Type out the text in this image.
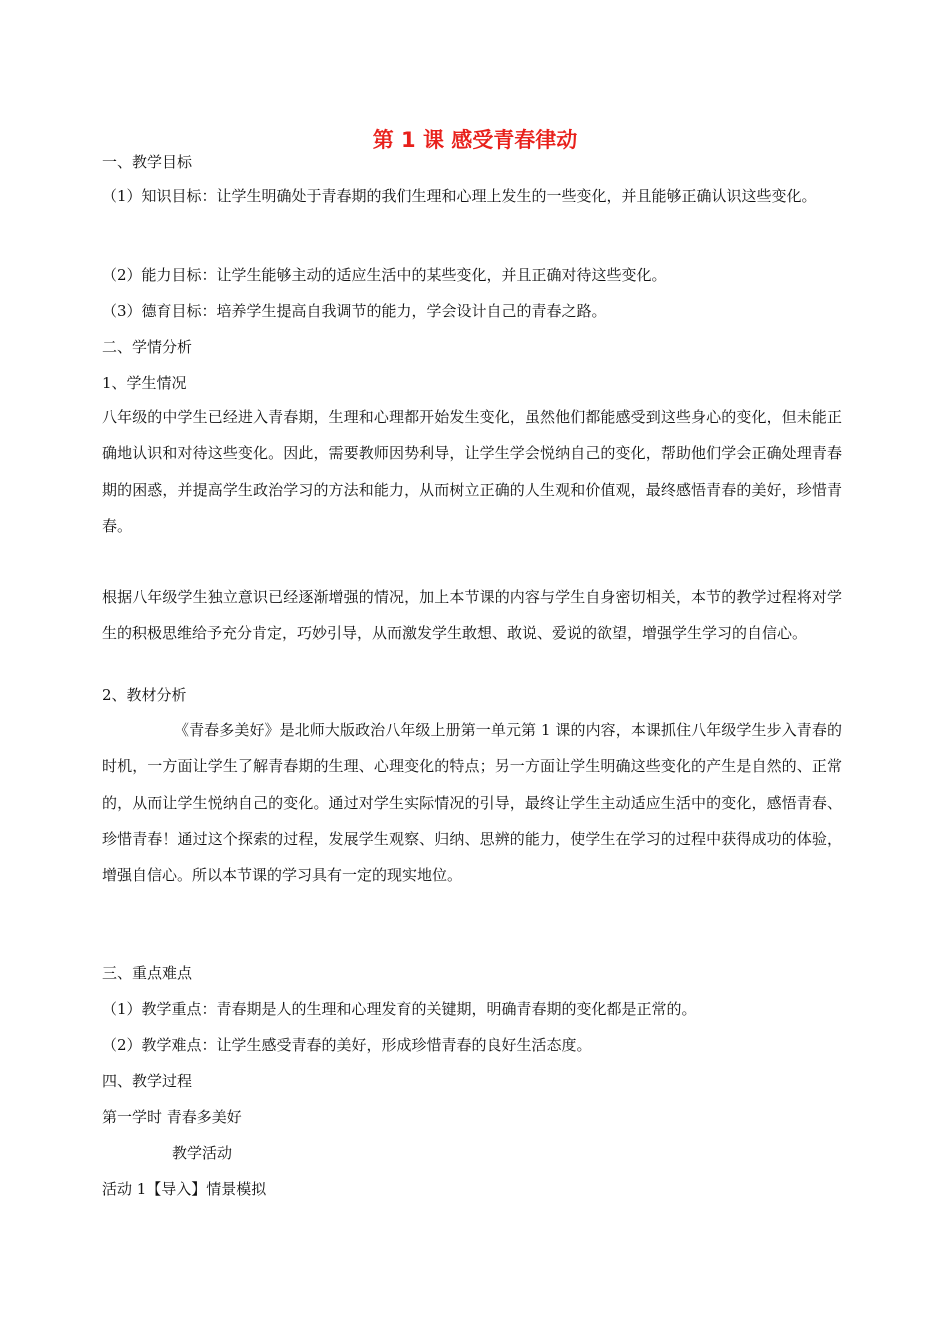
第 1 课 感受青春律动
一、教学目标

（1）知识目标：让学生明确处于青春期的我们生理和心理上发生的一些变化，并且能够正确认识这些变化。

（2）能力目标：让学生能够主动的适应生活中的某些变化，并且正确对待这些变化。
（3）德育目标：培养学生提高自我调节的能力，学会设计自己的青春之路。
二、学情分析
1、学生情况

八年级的中学生已经进入青春期，生理和心理都开始发生变化，虽然他们都能感受到这些身心的变化，但未能正确地认识和对待这些变化。因此，需要教师因势利导，让学生学会悦纳自己的变化，帮助他们学会正确处理青春期的困惑，并提高学生政治学习的方法和能力，从而树立正确的人生观和价值观，最终感悟青春的美好，珍惜青春。

根据八年级学生独立意识已经逐渐增强的情况，加上本节课的内容与学生自身密切相关，本节的教学过程将对学生的积极思维给予充分肯定，巧妙引导，从而激发学生敢想、敢说、爱说的欲望，增强学生学习的自信心。

2、教材分析

《青春多美好》是北师大版政治八年级上册第一单元第 1 课的内容，本课抓住八年级学生步入青春的时机，一方面让学生了解青春期的生理、心理变化的特点；另一方面让学生明确这些变化的产生是自然的、正常的，从而让学生悦纳自己的变化。通过对学生实际情况的引导，最终让学生主动适应生活中的变化，感悟青春、珍惜青春！通过这个探索的过程，发展学生观察、归纳、思辨的能力，使学生在学习的过程中获得成功的体验，增强自信心。所以本节课的学习具有一定的现实地位。

三、重点难点
（1）教学重点：青春期是人的生理和心理发育的关键期，明确青春期的变化都是正常的。
（2）教学难点：让学生感受青春的美好，形成珍惜青春的良好生活态度。
四、教学过程
第一学时 青春多美好
教学活动
活动 1【导入】情景模拟
